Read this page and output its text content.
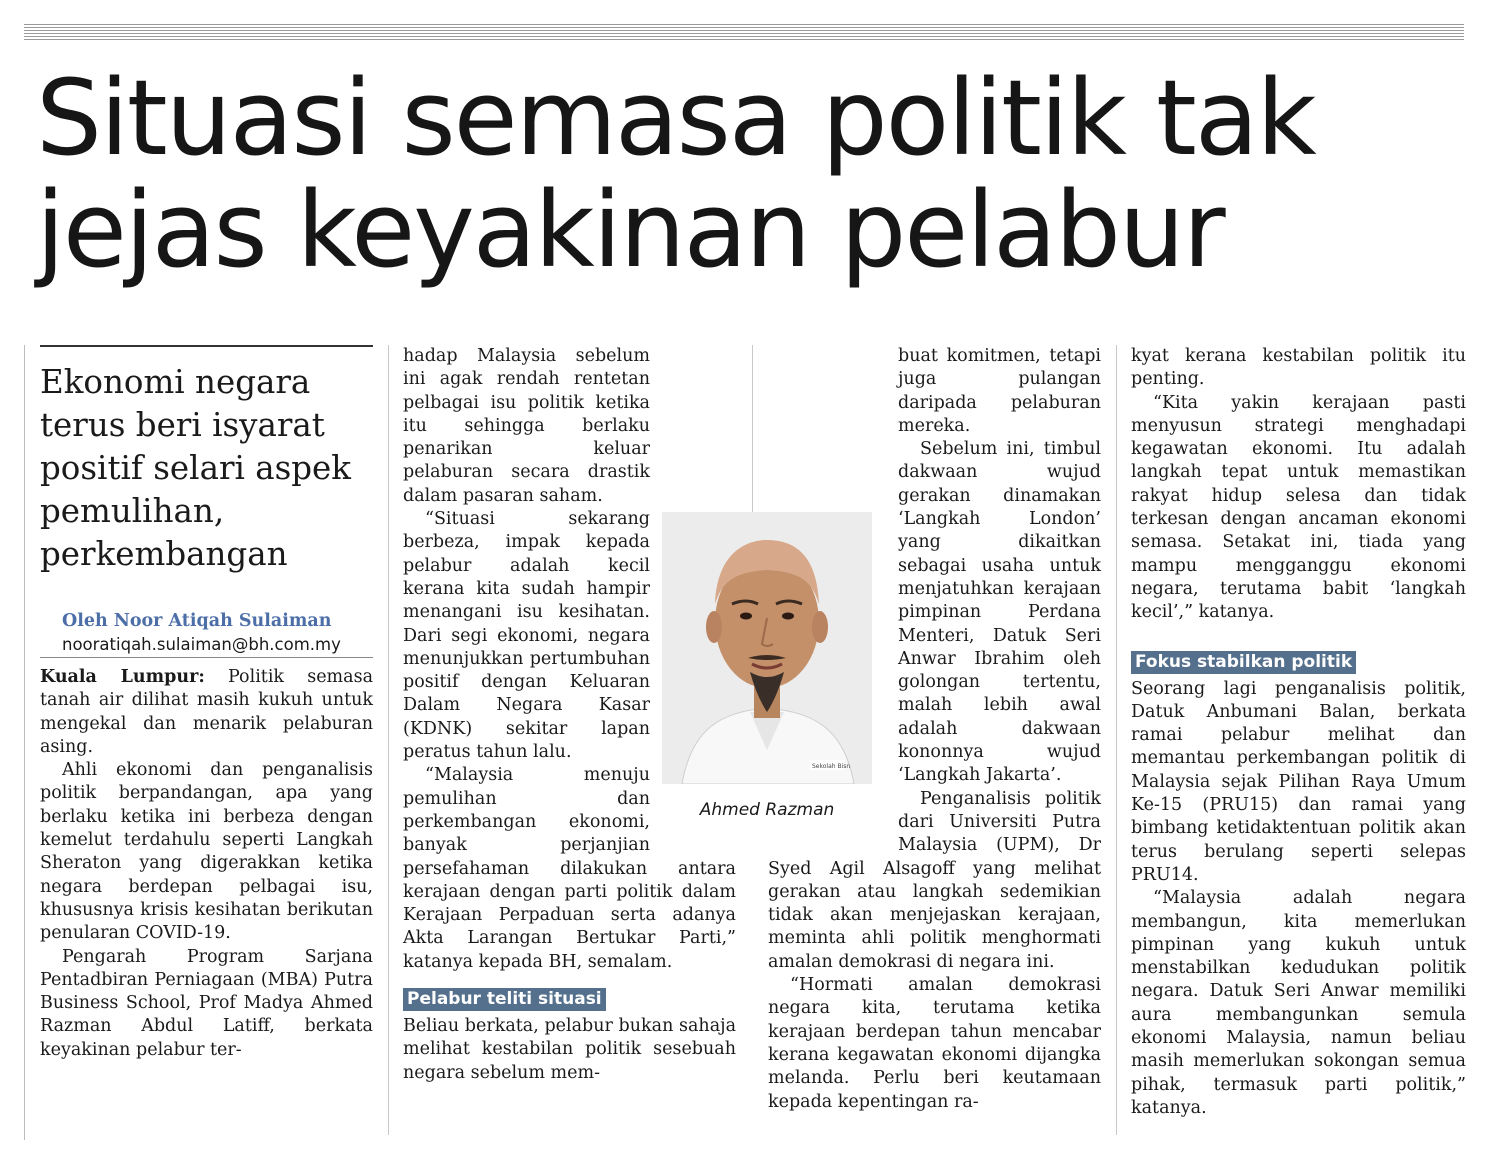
Situasi semasa politik tak
jejas keyakinan pelabur
Ekonomi negara terus beri isyarat positif selari aspek pemulihan, perkembangan

Oleh Noor Atiqah Sulaiman

nooratiqah.sulaiman@bh.com.my

Kuala Lumpur: Politik semasa tanah air dilihat masih kukuh untuk mengekal dan menarik pelaburan asing.

Ahli ekonomi dan penganalisis politik berpandangan, apa yang berlaku ketika ini berbeza dengan kemelut terdahulu seperti Langkah Sheraton yang digerakkan ketika negara berdepan pelbagai isu, khususnya krisis kesihatan berikutan penularan COVID-19.

Pengarah Program Sarjana Pentadbiran Perniagaan (MBA) Putra Business School, Prof Madya Ahmed Razman Abdul Latiff, berkata keyakinan pelabur ter-

hadap Malaysia sebelum ini agak rendah rentetan pelbagai isu politik ketika itu sehingga berlaku penarikan keluar pelaburan secara drastik dalam pasaran saham.

“Situasi sekarang berbeza, impak kepada pelabur adalah kecil kerana kita sudah hampir menangani isu kesihatan. Dari segi ekonomi, negara menunjukkan pertumbuhan positif dengan Keluaran Dalam Negara Kasar (KDNK) sekitar lapan peratus tahun lalu.

“Malaysia menuju pemulihan dan perkembangan ekonomi, banyak perjanjian persefahaman dilakukan antara kerajaan dengan parti politik dalam Kerajaan Perpaduan serta adanya Akta Larangan Bertukar Parti,” katanya kepada BH, semalam.

Pelabur teliti situasi

Beliau berkata, pelabur bukan sahaja melihat kestabilan politik sesebuah negara sebelum mem-

buat komitmen, tetapi juga pulangan daripada pelaburan mereka.

Sebelum ini, timbul dakwaan wujud gerakan dinamakan ‘Langkah London’ yang dikaitkan sebagai usaha untuk menjatuhkan kerajaan pimpinan Perdana Menteri, Datuk Seri Anwar Ibrahim oleh golongan tertentu, malah lebih awal adalah dakwaan kononnya wujud ‘Langkah Jakarta’.

Penganalisis politik dari Universiti Putra Malaysia (UPM), Dr Syed Agil Alsagoff yang melihat gerakan atau langkah sedemikian tidak akan menjejaskan kerajaan, meminta ahli politik menghormati amalan demokrasi di negara ini.

“Hormati amalan demokrasi negara kita, terutama ketika kerajaan berdepan tahun mencabar kerana kegawatan ekonomi dijangka melanda. Perlu beri keutamaan kepada kepentingan ra-

kyat kerana kestabilan politik itu penting.

“Kita yakin kerajaan pasti menyusun strategi menghadapi kegawatan ekonomi. Itu adalah langkah tepat untuk memastikan rakyat hidup selesa dan tidak terkesan dengan ancaman ekonomi semasa. Setakat ini, tiada yang mampu mengganggu ekonomi negara, terutama babit ‘langkah kecil’,” katanya.

Fokus stabilkan politik

Seorang lagi penganalisis politik, Datuk Anbumani Balan, berkata ramai pelabur melihat dan memantau perkembangan politik di Malaysia sejak Pilihan Raya Umum Ke-15 (PRU15) dan ramai yang bimbang ketidaktentuan politik akan terus berulang seperti selepas PRU14.

“Malaysia adalah negara membangun, kita memerlukan pimpinan yang kukuh untuk menstabilkan kedudukan politik negara. Datuk Seri Anwar memiliki aura membangunkan semula ekonomi Malaysia, namun beliau masih memerlukan sokongan semua pihak, termasuk parti politik,” katanya.

Sekolah Bisn
Ahmed Razman
